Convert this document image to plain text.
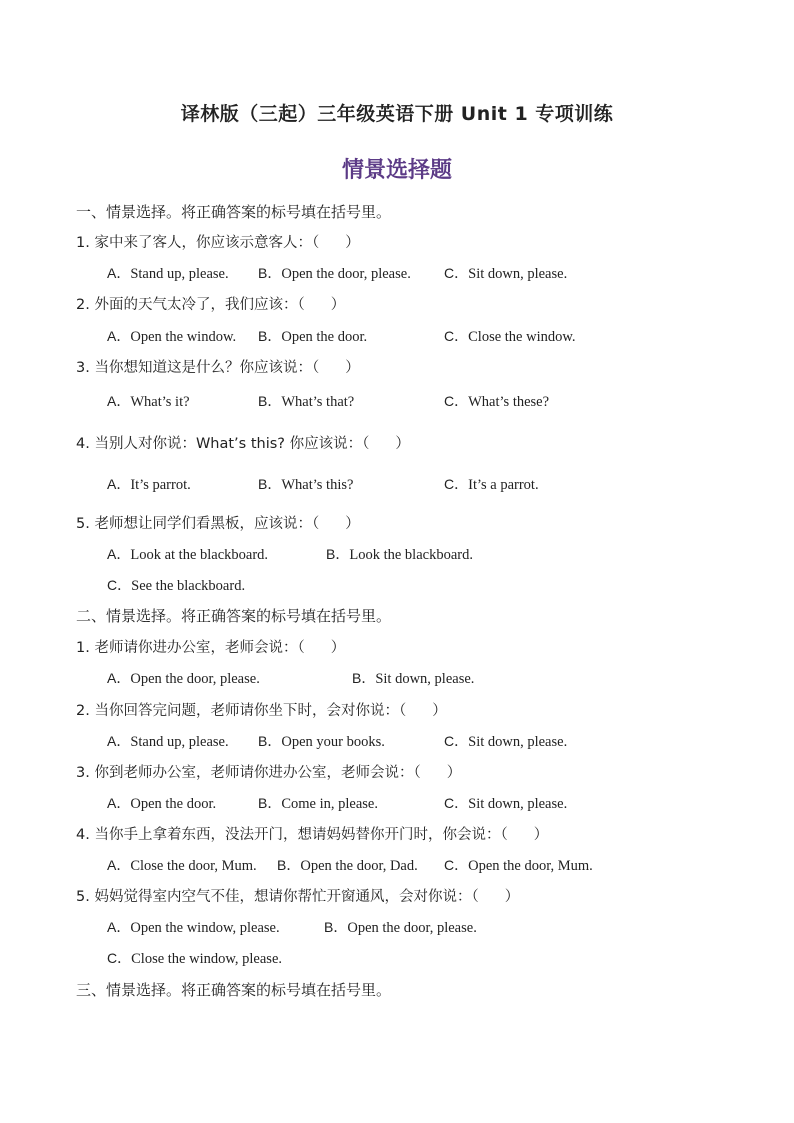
译林版（三起）三年级英语下册 Unit 1 专项训练
情景选择题
一、情景选择。将正确答案的标号填在括号里。
1. 家中来了客人，你应该示意客人：（ ）
A．Stand up, please. B．Open the door, please. C．Sit down, please.
2. 外面的天气太冷了，我们应该：（ ）
A．Open the window. B．Open the door.	C．Close the window.
3. 当你想知道这是什么？你应该说：（ ）
A．What’s it?	B．What’s that?	C．What’s these?
4. 当别人对你说：What’s this? 你应该说：（ ）
A．It’s parrot.	B．What’s this?	C．It’s a parrot.
5. 老师想让同学们看黑板，应该说：（ ）
A．Look at the blackboard.	B．Look the blackboard.
C．See the blackboard.
二、情景选择。将正确答案的标号填在括号里。
1. 老师请你进办公室，老师会说：（ ）
A．Open the door, please.	B．Sit down, please.
2. 当你回答完问题，老师请你坐下时，会对你说：（ ）
A．Stand up, please. B．Open your books.	C．Sit down, please.
3. 你到老师办公室，老师请你进办公室，老师会说：（ ）
A．Open the door.	B．Come in, please.	C．Sit down, please.
4. 当你手上拿着东西，没法开门，想请妈妈替你开门时，你会说：（ ）
A．Close the door, Mum. B．Open the door, Dad. C．Open the door, Mum.
5. 妈妈觉得室内空气不佳，想请你帮忙开窗通风，会对你说：（ ）
A．Open the window, please.	B．Open the door, please.
C．Close the window, please.
三、情景选择。将正确答案的标号填在括号里。
